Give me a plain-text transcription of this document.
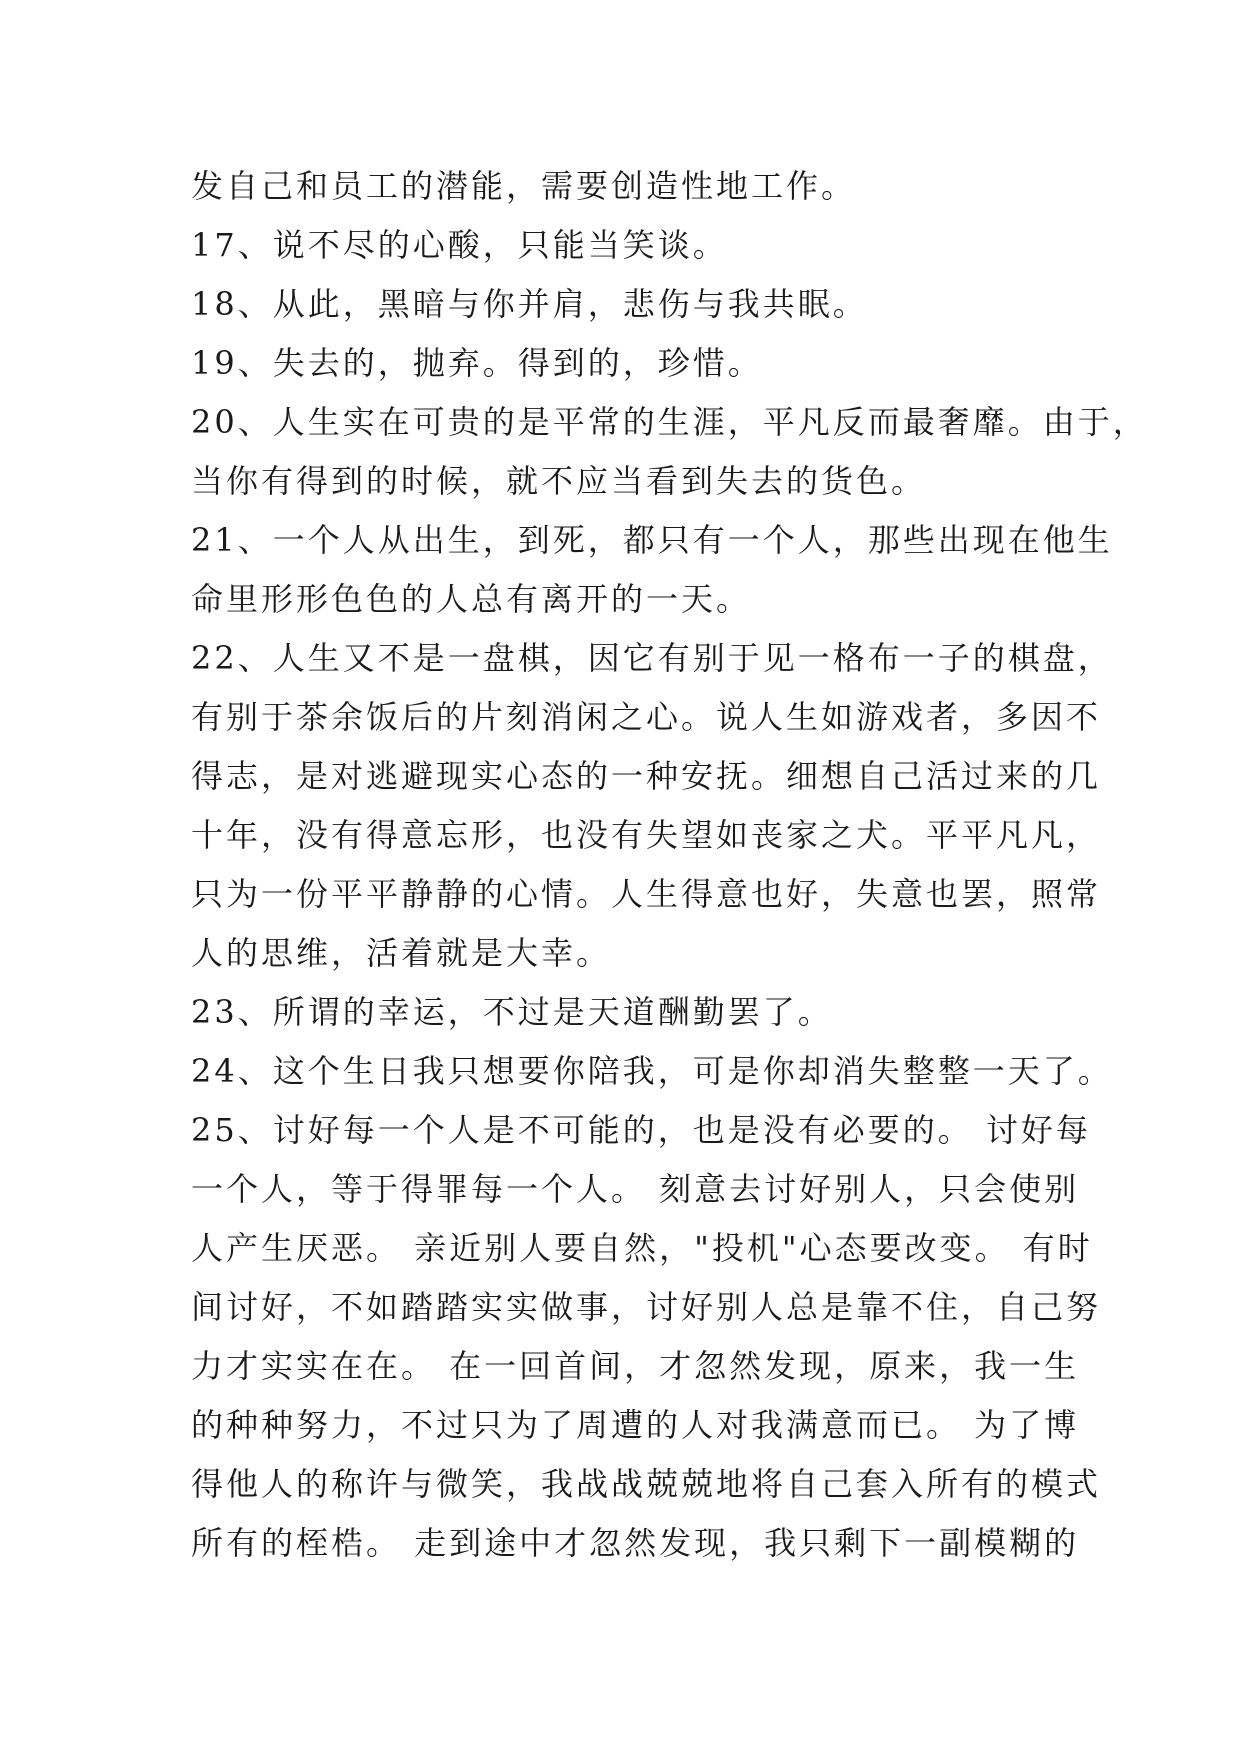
发自己和员工的潜能，需要创造性地工作。
17、说不尽的心酸，只能当笑谈。
18、从此，黑暗与你并肩，悲伤与我共眠。
19、失去的，抛弃。得到的，珍惜。
20、人生实在可贵的是平常的生涯，平凡反而最奢靡。由于，
当你有得到的时候，就不应当看到失去的货色。
21、一个人从出生，到死，都只有一个人，那些出现在他生
命里形形色色的人总有离开的一天。
22、人生又不是一盘棋，因它有别于见一格布一子的棋盘，
有别于茶余饭后的片刻消闲之心。说人生如游戏者，多因不
得志，是对逃避现实心态的一种安抚。细想自己活过来的几
十年，没有得意忘形，也没有失望如丧家之犬。平平凡凡，
只为一份平平静静的心情。人生得意也好，失意也罢，照常
人的思维，活着就是大幸。
23、所谓的幸运，不过是天道酬勤罢了。
24、这个生日我只想要你陪我，可是你却消失整整一天了。
25、讨好每一个人是不可能的，也是没有必要的。 讨好每
一个人，等于得罪每一个人。 刻意去讨好别人，只会使别
人产生厌恶。 亲近别人要自然，"投机"心态要改变。 有时
间讨好，不如踏踏实实做事，讨好别人总是靠不住，自己努
力才实实在在。 在一回首间，才忽然发现，原来，我一生
的种种努力，不过只为了周遭的人对我满意而已。 为了博
得他人的称许与微笑，我战战兢兢地将自己套入所有的模式
所有的桎梏。 走到途中才忽然发现，我只剩下一副模糊的
